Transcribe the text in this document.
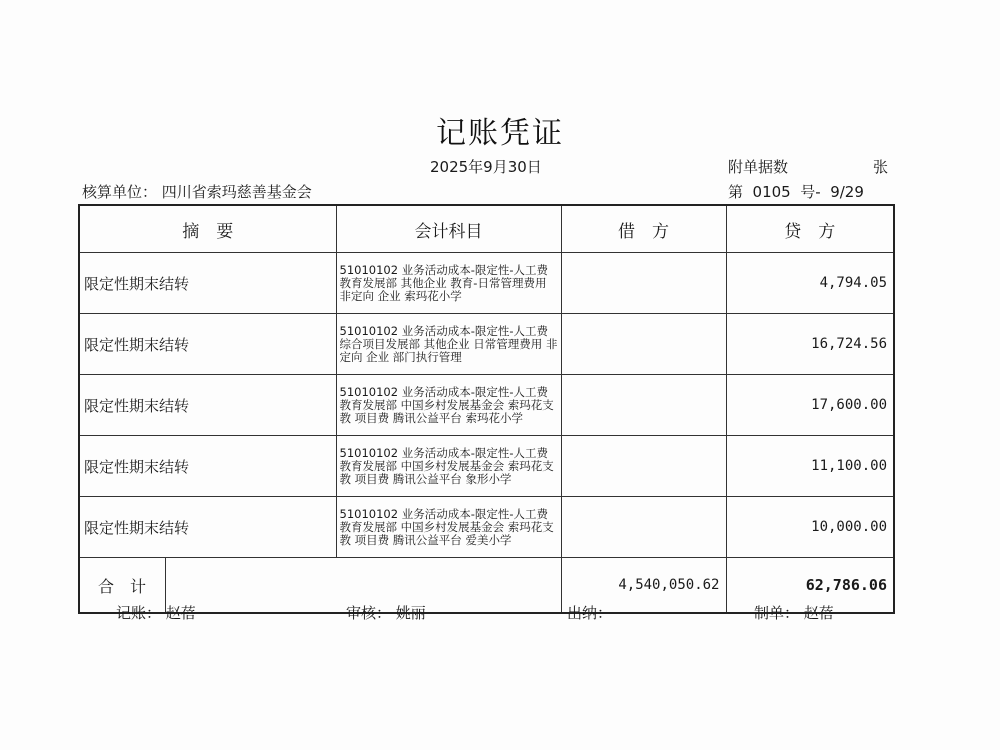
记账凭证
2025年9月30日	附单据数	张
核算单位： 四川省索玛慈善基金会	第  0105  号-  9/29
摘　要		会计科目	借　方	贷　方
限定性期末结转		51010102 业务活动成本-限定性-人工费 教育发展部 其他企业 教育-日常管理费用 非定向 企业 索玛花小学		4,794.05
限定性期末结转		51010102 业务活动成本-限定性-人工费 综合项目发展部 其他企业 日常管理费用 非定向 企业 部门执行管理		16,724.56
限定性期末结转		51010102 业务活动成本-限定性-人工费 教育发展部 中国乡村发展基金会 索玛花支教 项目费 腾讯公益平台 索玛花小学		17,600.00
限定性期末结转		51010102 业务活动成本-限定性-人工费 教育发展部 中国乡村发展基金会 索玛花支教 项目费 腾讯公益平台 象形小学		11,100.00
限定性期末结转		51010102 业务活动成本-限定性-人工费 教育发展部 中国乡村发展基金会 索玛花支教 项目费 腾讯公益平台 爱美小学		10,000.00
合　计			4,540,050.62	62,786.06
记账： 赵蓓	审核： 姚丽	出纳：	制单： 赵蓓
